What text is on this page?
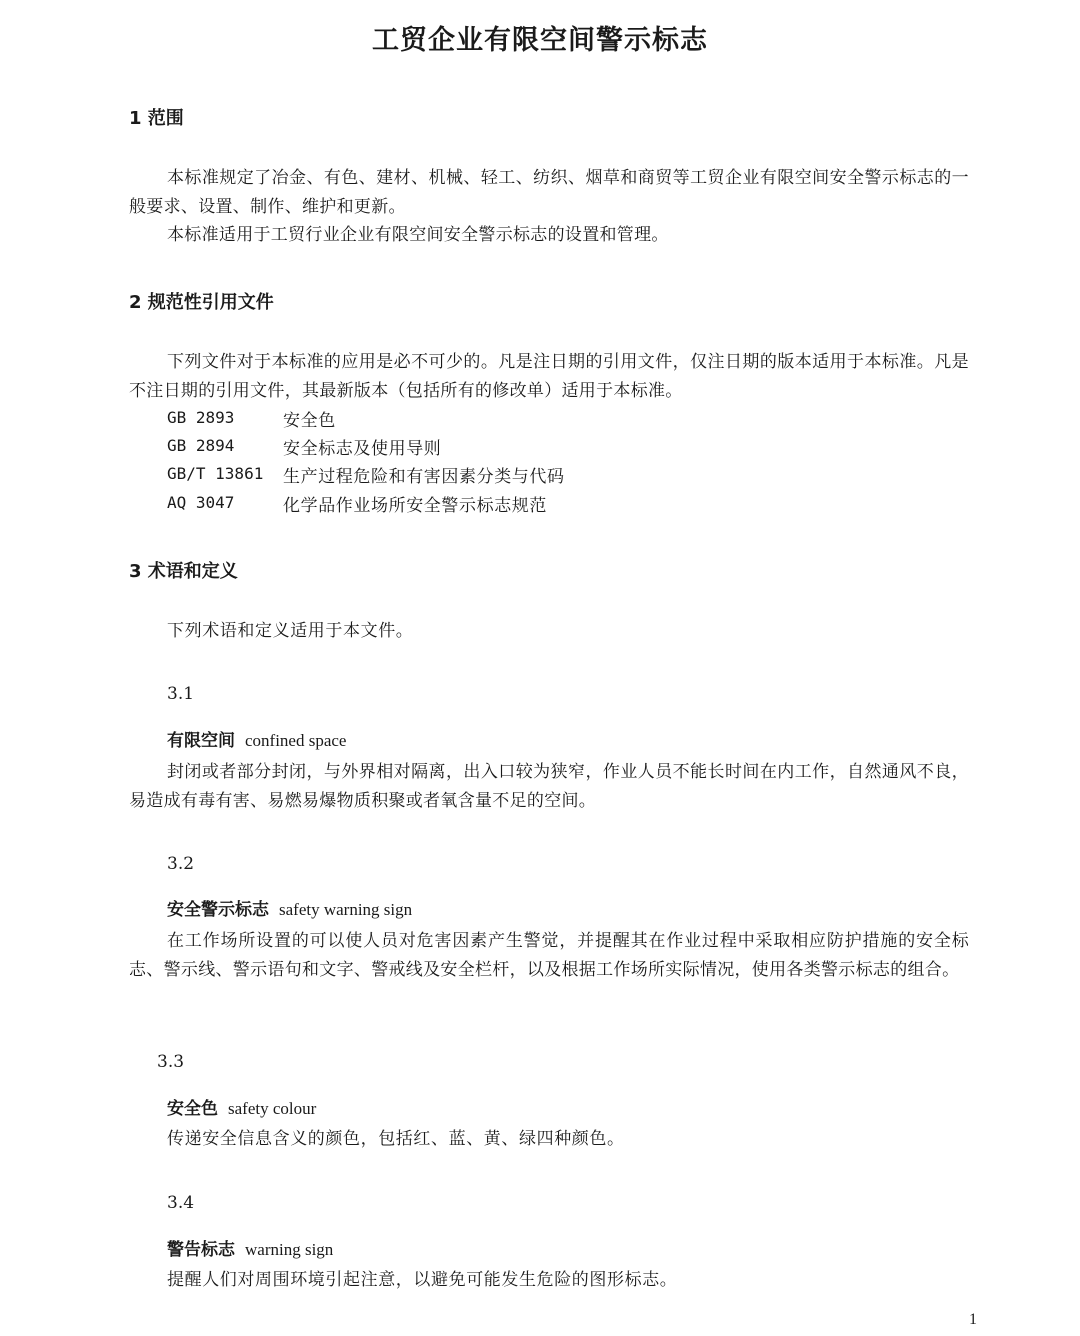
工贸企业有限空间警示标志
1 范围
本标准规定了冶金、有色、建材、机械、轻工、纺织、烟草和商贸等工贸企业有限空间安全警示标志的一般要求、设置、制作、维护和更新。
本标准适用于工贸行业企业有限空间安全警示标志的设置和管理。
2 规范性引用文件
下列文件对于本标准的应用是必不可少的。凡是注日期的引用文件，仅注日期的版本适用于本标准。凡是不注日期的引用文件，其最新版本（包括所有的修改单）适用于本标准。
GB 2893	安全色
GB 2894	安全标志及使用导则
GB/T 13861 生产过程危险和有害因素分类与代码
AQ 3047	化学品作业场所安全警示标志规范
3 术语和定义
下列术语和定义适用于本文件。
3.1
有限空间 confined space
封闭或者部分封闭，与外界相对隔离，出入口较为狭窄，作业人员不能长时间在内工作，自然通风不良，易造成有毒有害、易燃易爆物质积聚或者氧含量不足的空间。
3.2
安全警示标志 safety warning sign
在工作场所设置的可以使人员对危害因素产生警觉，并提醒其在作业过程中采取相应防护措施的安全标志、警示线、警示语句和文字、警戒线及安全栏杆，以及根据工作场所实际情况，使用各类警示标志的组合。
3.3
安全色 safety colour
传递安全信息含义的颜色，包括红、蓝、黄、绿四种颜色。
3.4
警告标志 warning sign
提醒人们对周围环境引起注意，以避免可能发生危险的图形标志。
1
